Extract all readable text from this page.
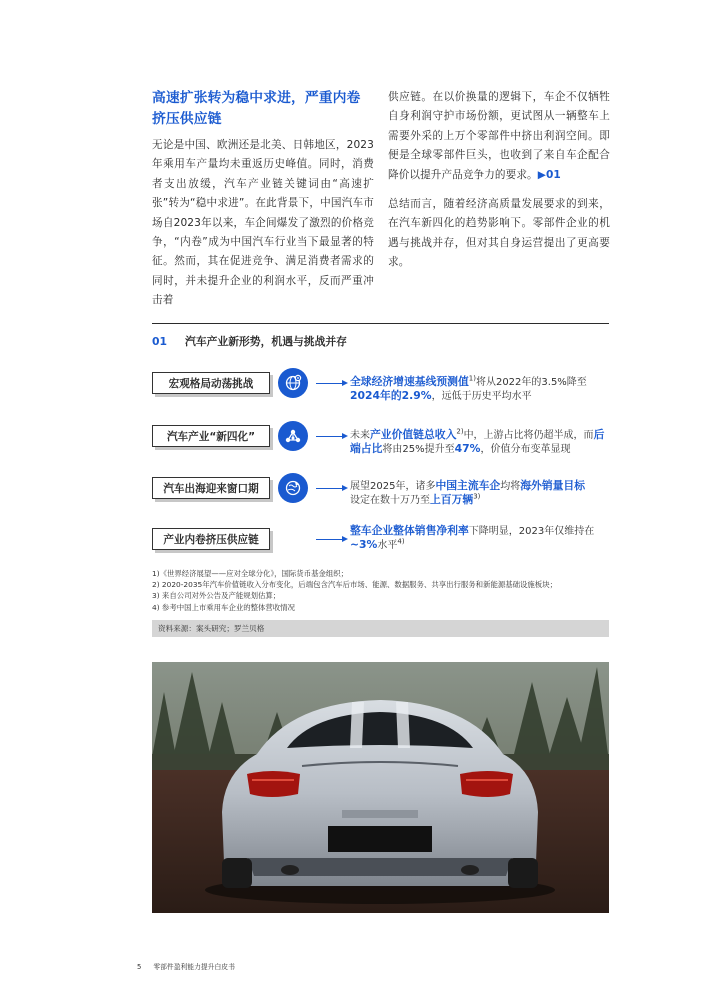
高速扩张转为稳中求进，严重内卷挤压供应链

无论是中国、欧洲还是北美、日韩地区，2023年乘用车产量均未重返历史峰值。同时，消费者支出放缓，汽车产业链关键词由“高速扩张”转为“稳中求进”。在此背景下，中国汽车市场自2023年以来，车企间爆发了激烈的价格竞争，“内卷”成为中国汽车行业当下最显著的特征。然而，其在促进竞争、满足消费者需求的同时，并未提升企业的利润水平，反而严重冲击着

供应链。在以价换量的逻辑下，车企不仅牺牲自身利润守护市场份额，更试图从一辆整车上需要外采的上万个零部件中挤出利润空间。即便是全球零部件巨头，也收到了来自车企配合降价以提升产品竞争力的要求。▶01

总结而言，随着经济高质量发展要求的到来，在汽车新四化的趋势影响下。零部件企业的机遇与挑战并存，但对其自身运营提出了更高要求。

01 汽车产业新形势，机遇与挑战并存
宏观格局动荡挑战	全球经济增速基线预测值$^{1)}$将从2022年的3.5%降至
2024年的2.9%，远低于历史平均水平
汽车产业“新四化”	未来产业价值链总收入$^{2)}$中，上游占比将仍超半成，而后端占比将由25%提升至47%，价值分布变革显现
汽车出海迎来窗口期	展望2025年，诸多中国主流车企均将海外销量目标
设定在数十万乃至上百万辆$^{3)}$
产业内卷挤压供应链
整车企业整体销售净利率下降明显，2023年仅维持在~3%水平$^{4)}$
1)《世界经济展望——应对全球分化》，国际货币基金组织；
2) 2020-2035年汽车价值链收入分布变化，后端包含汽车后市场、能源、数据服务、共享出行服务和新能源基础设施板块；
3) 来自公司对外公告及产能规划估算；
4) 参考中国上市乘用车企业的整体营收情况
资料来源：案头研究；罗兰贝格
5 零部件盈利能力提升白皮书
